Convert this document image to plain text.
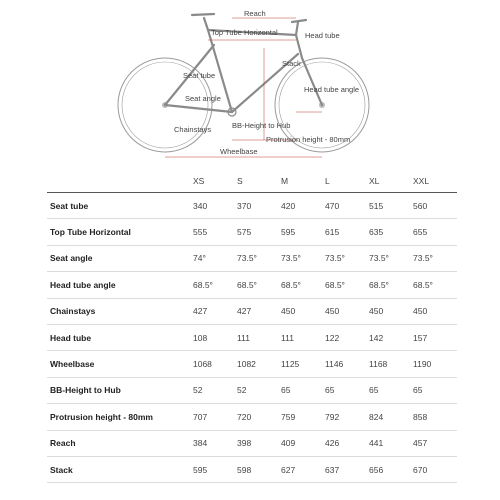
Reach
Top Tube Horizontal	Head tube
Stack
Seat tube
Seat angle
Head tube angle
Chainstays	BB-Height to Hub
Protrusion height - 80mm
Wheelbase
	XS	S	M	L	XL	XXL
Seat tube	340	370	420	470	515	560
Top Tube Horizontal	555	575	595	615	635	655
Seat angle	74°	73.5°	73.5°	73.5°	73.5°	73.5°
Head tube angle	68.5°	68.5°	68.5°	68.5°	68.5°	68.5°
Chainstays	427	427	450	450	450	450
Head tube	108	111	111	122	142	157
Wheelbase	1068	1082	1125	1146	1168	1190
BB-Height to Hub	52	52	65	65	65	65
Protrusion height - 80mm	707	720	759	792	824	858
Reach	384	398	409	426	441	457
Stack	595	598	627	637	656	670
